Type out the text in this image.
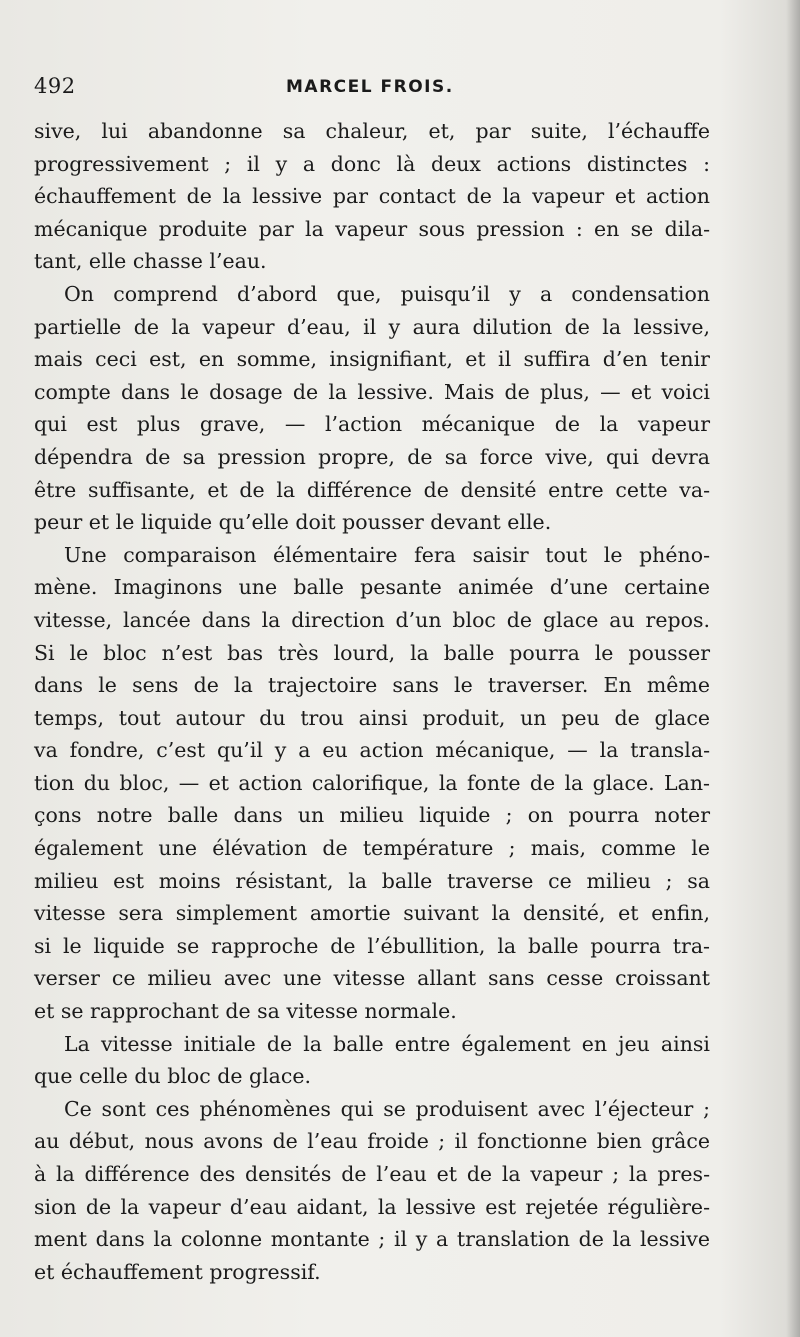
492	MARCEL FROIS.
sive, lui abandonne sa chaleur, et, par suite, l’échauffe
progressivement ; il y a donc là deux actions distinctes :
échauffement de la lessive par contact de la vapeur et action
mécanique produite par la vapeur sous pression : en se dila-
tant, elle chasse l’eau.
On comprend d’abord que, puisqu’il y a condensation
partielle de la vapeur d’eau, il y aura dilution de la lessive,
mais ceci est, en somme, insignifiant, et il suffira d’en tenir
compte dans le dosage de la lessive. Mais de plus, — et voici
qui est plus grave, — l’action mécanique de la vapeur
dépendra de sa pression propre, de sa force vive, qui devra
être suffisante, et de la différence de densité entre cette va-
peur et le liquide qu’elle doit pousser devant elle.
Une comparaison élémentaire fera saisir tout le phéno-
mène. Imaginons une balle pesante animée d’une certaine
vitesse, lancée dans la direction d’un bloc de glace au repos.
Si le bloc n’est bas très lourd, la balle pourra le pousser
dans le sens de la trajectoire sans le traverser. En même
temps, tout autour du trou ainsi produit, un peu de glace
va fondre, c’est qu’il y a eu action mécanique, — la transla-
tion du bloc, — et action calorifique, la fonte de la glace. Lan-
çons notre balle dans un milieu liquide ; on pourra noter
également une élévation de température ; mais, comme le
milieu est moins résistant, la balle traverse ce milieu ; sa
vitesse sera simplement amortie suivant la densité, et enfin,
si le liquide se rapproche de l’ébullition, la balle pourra tra-
verser ce milieu avec une vitesse allant sans cesse croissant
et se rapprochant de sa vitesse normale.
La vitesse initiale de la balle entre également en jeu ainsi
que celle du bloc de glace.
Ce sont ces phénomènes qui se produisent avec l’éjecteur ;
au début, nous avons de l’eau froide ; il fonctionne bien grâce
à la différence des densités de l’eau et de la vapeur ; la pres-
sion de la vapeur d’eau aidant, la lessive est rejetée régulière-
ment dans la colonne montante ; il y a translation de la lessive
et échauffement progressif.
